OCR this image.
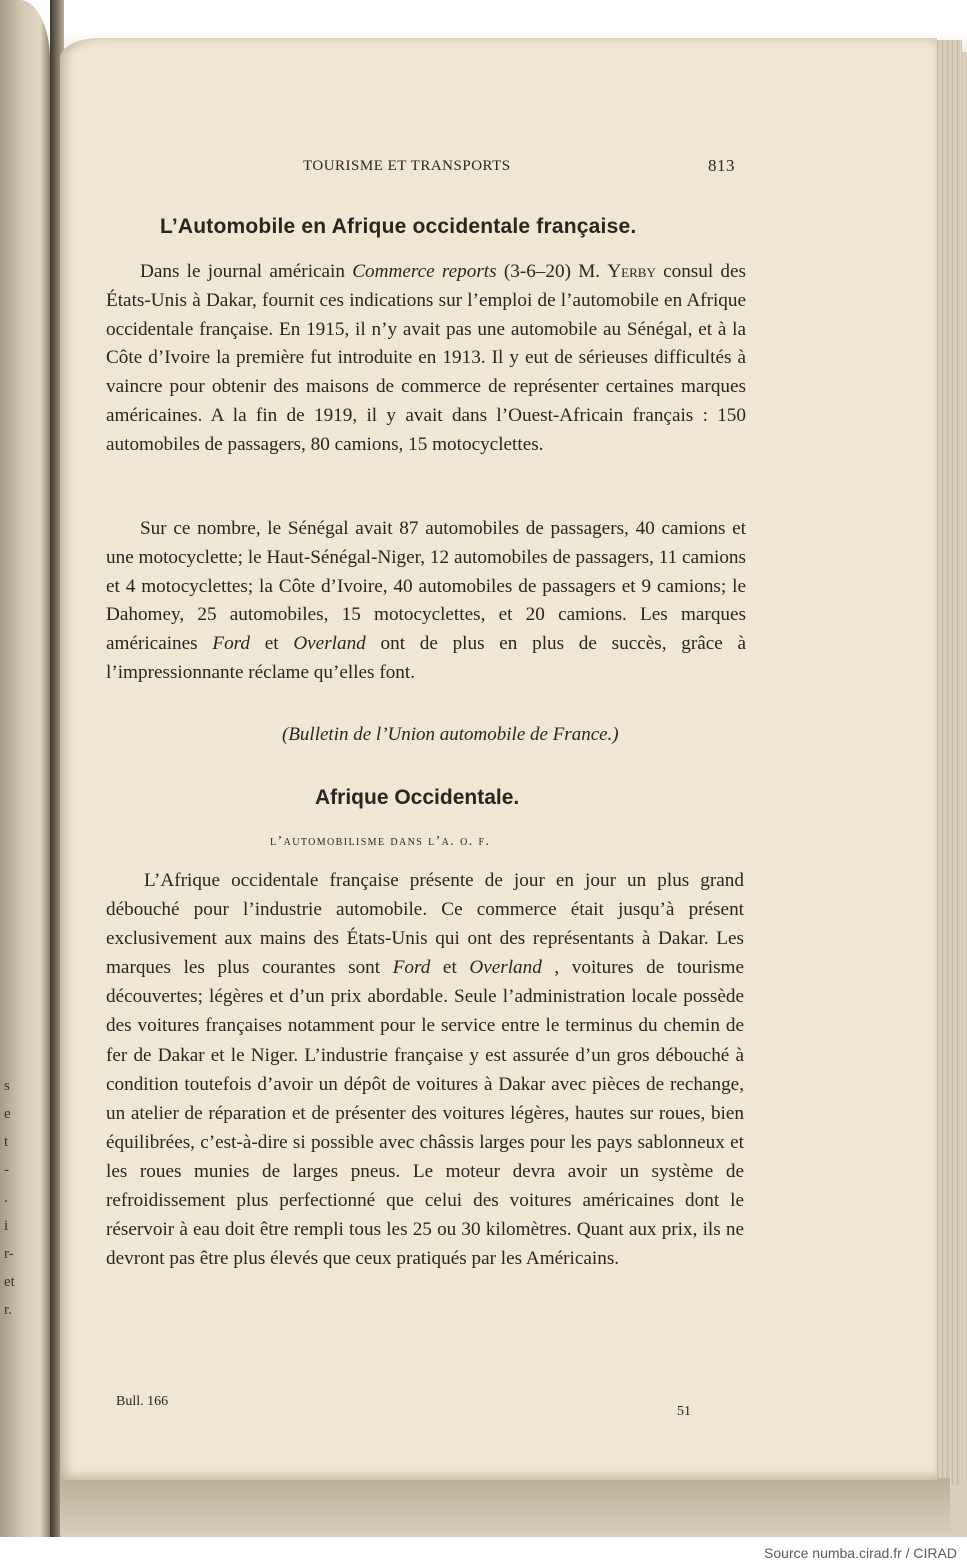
s
e
t
-
.
i
r-
et
r.
TOURISME ET TRANSPORTS	813
L’Automobile en Afrique occidentale française.

Dans le journal américain Commerce reports (3-6–20) M. Yerby consul des États-Unis à Dakar, fournit ces indications sur l’emploi de l’automobile en Afrique occidentale française. En 1915, il n’y avait pas une automobile au Sénégal, et à la Côte d’Ivoire la première fut introduite en 1913. Il y eut de sérieuses difficultés à vaincre pour obtenir des maisons de commerce de représenter certaines marques américaines. A la fin de 1919, il y avait dans l’Ouest-Africain français : 150 automobiles de passagers, 80 camions, 15 motocyclettes.

Sur ce nombre, le Sénégal avait 87 automobiles de passagers, 40 camions et une motocyclette; le Haut-Sénégal-Niger, 12 automobiles de passagers, 11 camions et 4 motocyclettes; la Côte d’Ivoire, 40 automobiles de passagers et 9 camions; le Dahomey, 25 automobiles, 15 motocyclettes, et 20 camions. Les marques américaines Ford et Overland ont de plus en plus de succès, grâce à l’impressionnante réclame qu’elles font.

(Bulletin de l’Union automobile de France.)
Afrique Occidentale.
l’automobilisme dans l’a. o. f.

L’Afrique occidentale française présente de jour en jour un plus grand débouché pour l’industrie automobile. Ce commerce était jusqu’à présent exclusivement aux mains des États-Unis qui ont des représentants à Dakar. Les marques les plus courantes sont Ford et Overland , voitures de tourisme découvertes; légères et d’un prix abordable. Seule l’administration locale possède des voitures françaises notamment pour le service entre le terminus du chemin de fer de Dakar et le Niger. L’industrie française y est assurée d’un gros débouché à condition toutefois d’avoir un dépôt de voitures à Dakar avec pièces de rechange, un atelier de réparation et de présenter des voitures légères, hautes sur roues, bien équilibrées, c’est-à-dire si possible avec châssis larges pour les pays sablonneux et les roues munies de larges pneus. Le moteur devra avoir un système de refroidissement plus perfectionné que celui des voitures américaines dont le réservoir à eau doit être rempli tous les 25 ou 30 kilomètres. Quant aux prix, ils ne devront pas être plus élevés que ceux pratiqués par les Américains.

Bull. 166
51
Source numba.cirad.fr / CIRAD
